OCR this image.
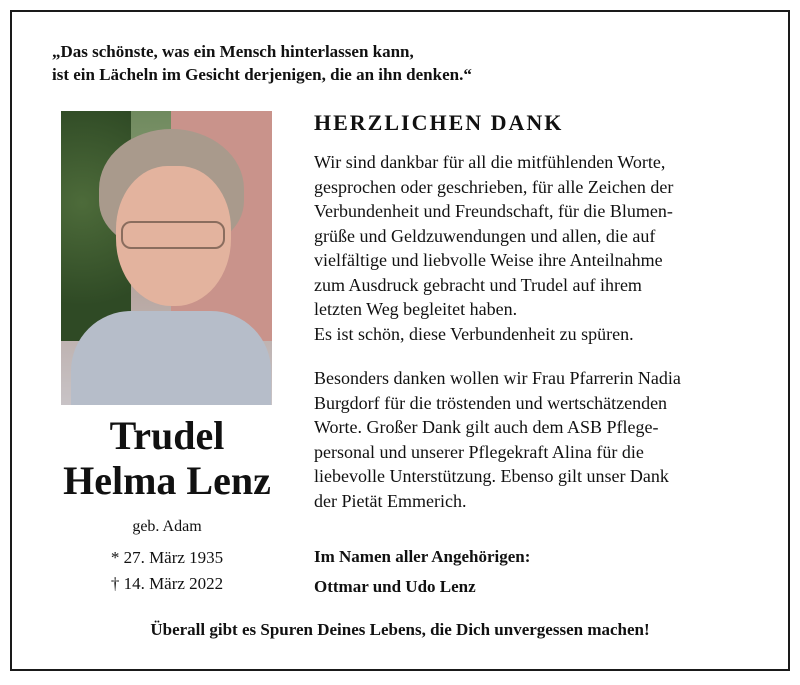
„Das schönste, was ein Mensch hinterlassen kann,
ist ein Lächeln im Gesicht derjenigen, die an ihn denken.“
Trudel
Helma Lenz
geb. Adam
* 27. März 1935
† 14. März 2022
HERZLICHEN DANK
Wir sind dankbar für all die mitfühlenden Worte,
gesprochen oder geschrieben, für alle Zeichen der
Verbundenheit und Freundschaft, für die Blumen-
grüße und Geldzuwendungen und allen, die auf
vielfältige und liebvolle Weise ihre Anteilnahme
zum Ausdruck gebracht und Trudel auf ihrem
letzten Weg begleitet haben.
Es ist schön, diese Verbundenheit zu spüren.
Besonders danken wollen wir Frau Pfarrerin Nadia
Burgdorf für die tröstenden und wertschätzenden
Worte. Großer Dank gilt auch dem ASB Pflege-
personal und unserer Pflegekraft Alina für die
liebevolle Unterstützung. Ebenso gilt unser Dank
der Pietät Emmerich.
Im Namen aller Angehörigen:
Ottmar und Udo Lenz
Überall gibt es Spuren Deines Lebens, die Dich unvergessen machen!
